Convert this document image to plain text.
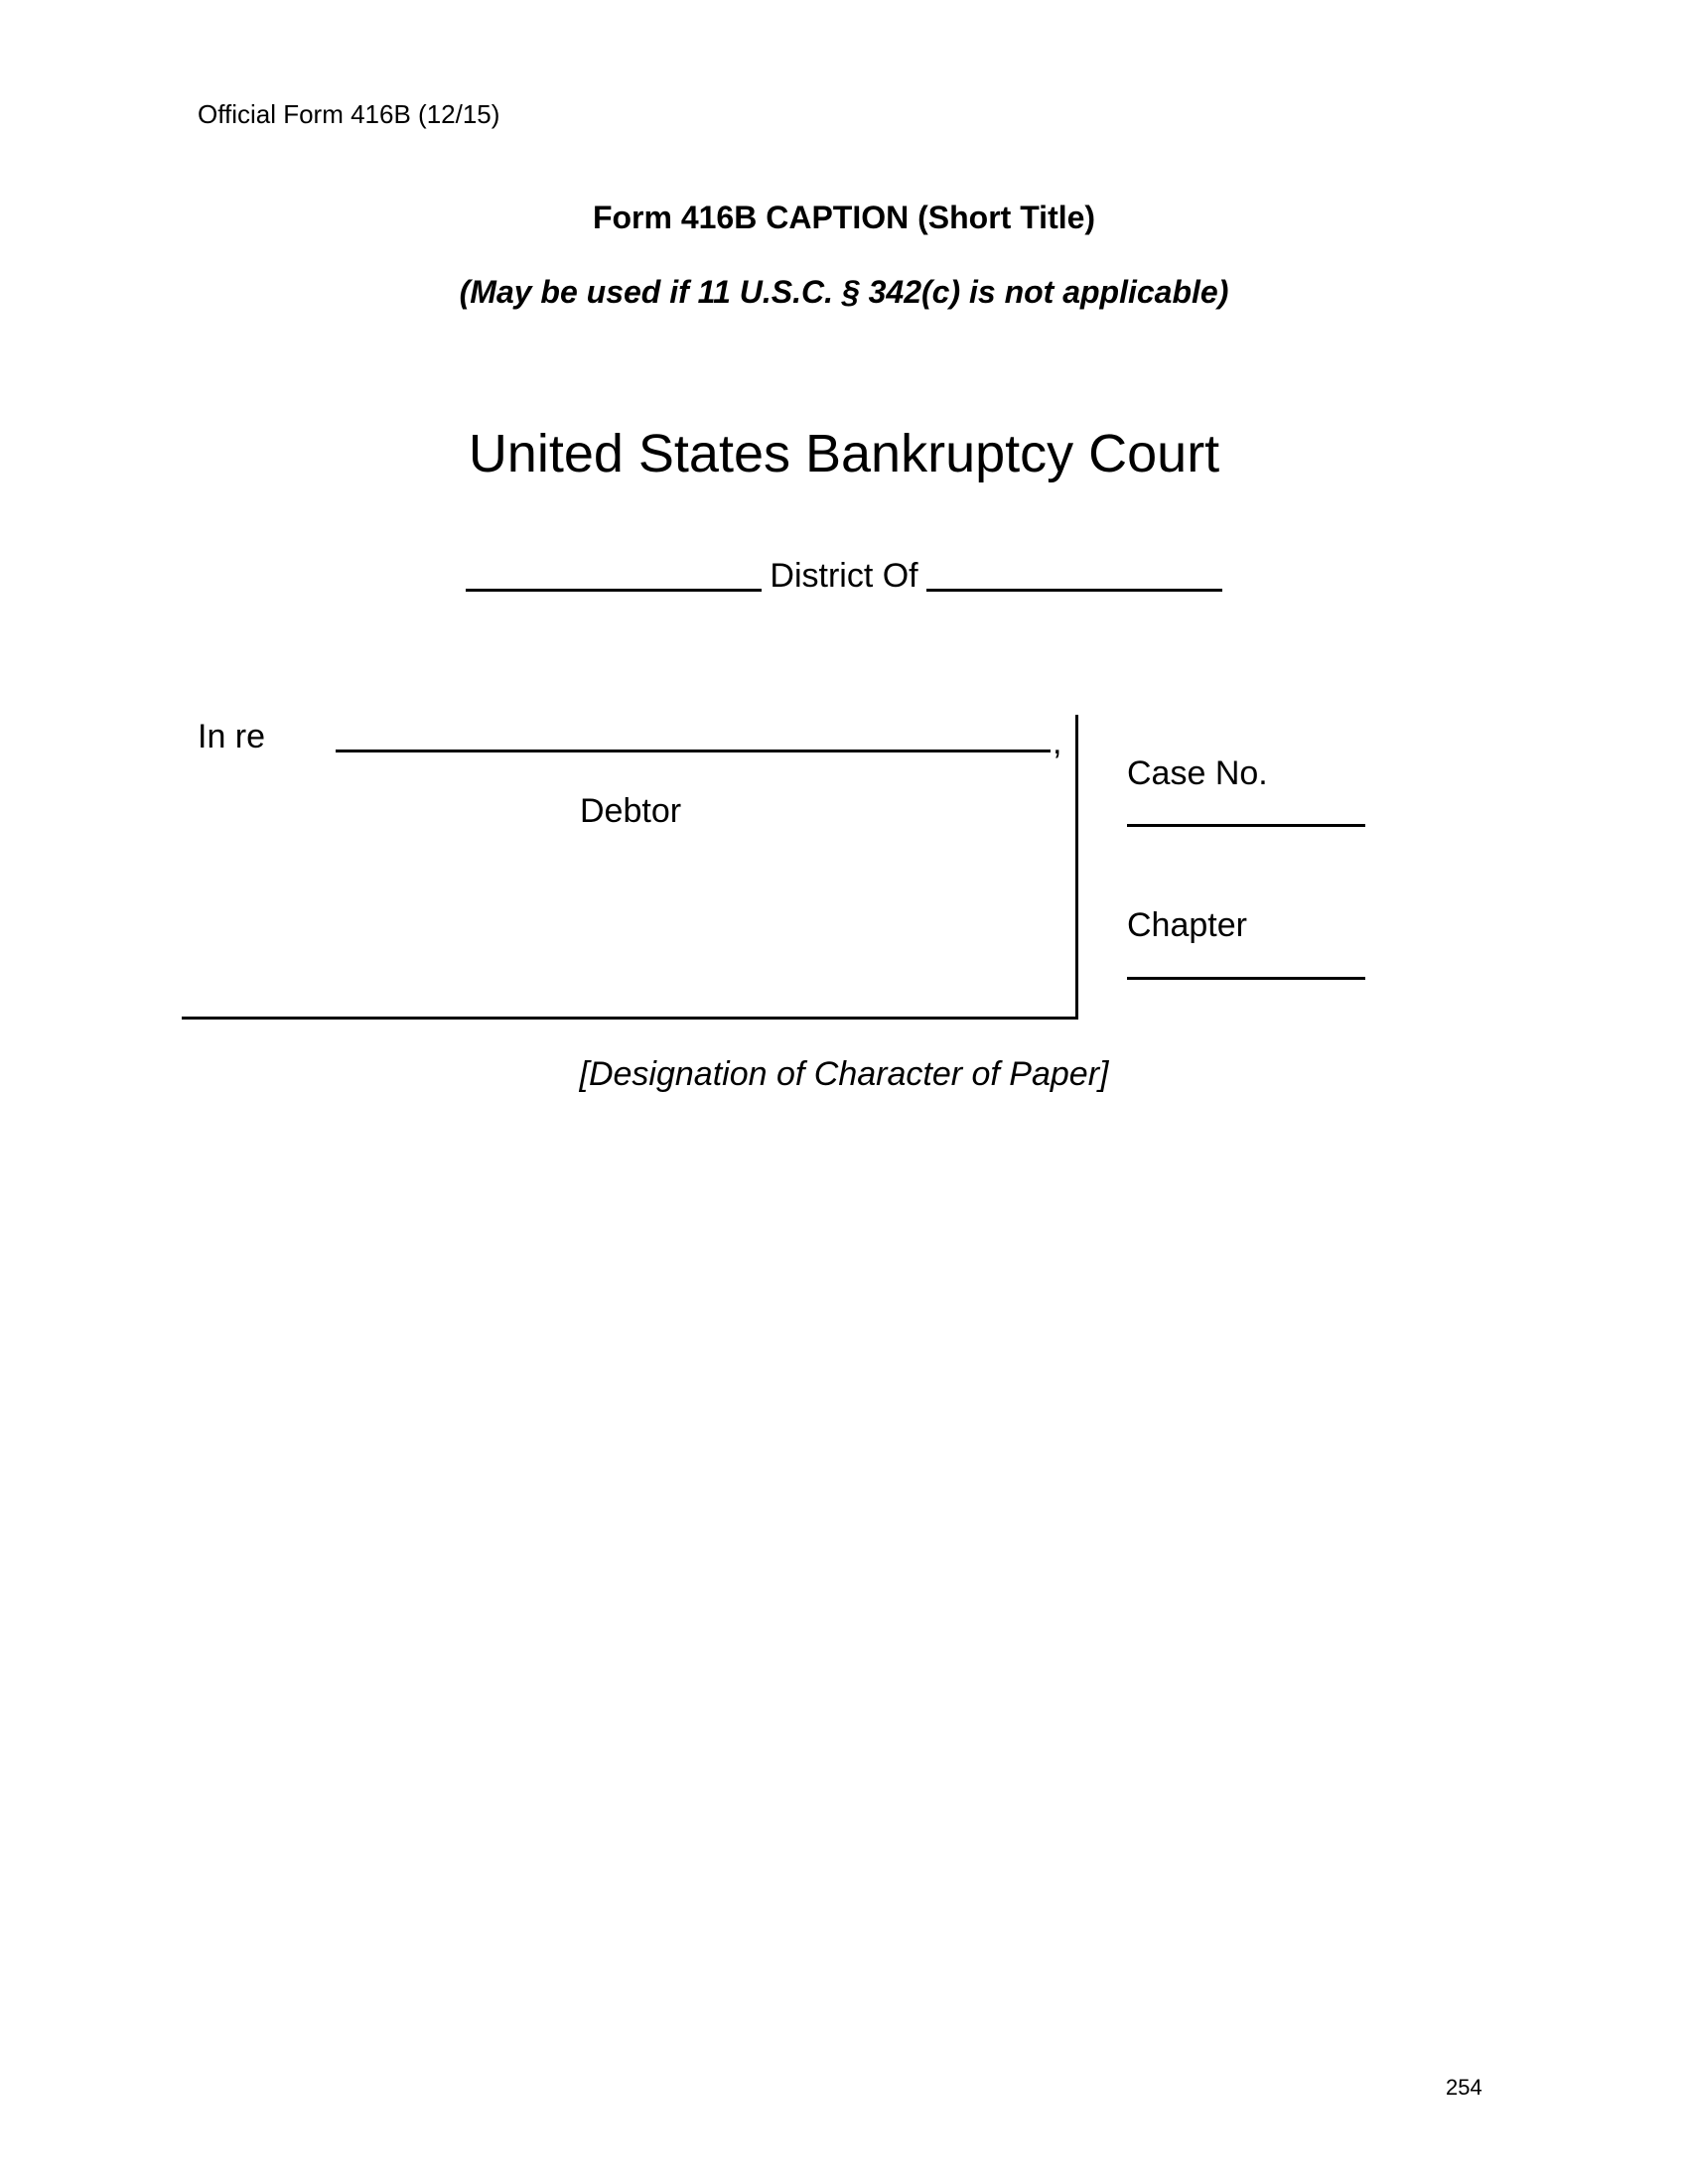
Official Form 416B (12/15)
Form 416B CAPTION (Short Title)
(May be used if 11 U.S.C. § 342(c) is not applicable)
United States Bankruptcy Court
District Of
In re	,
Debtor
Case No.
Chapter
[Designation of Character of Paper]
254
